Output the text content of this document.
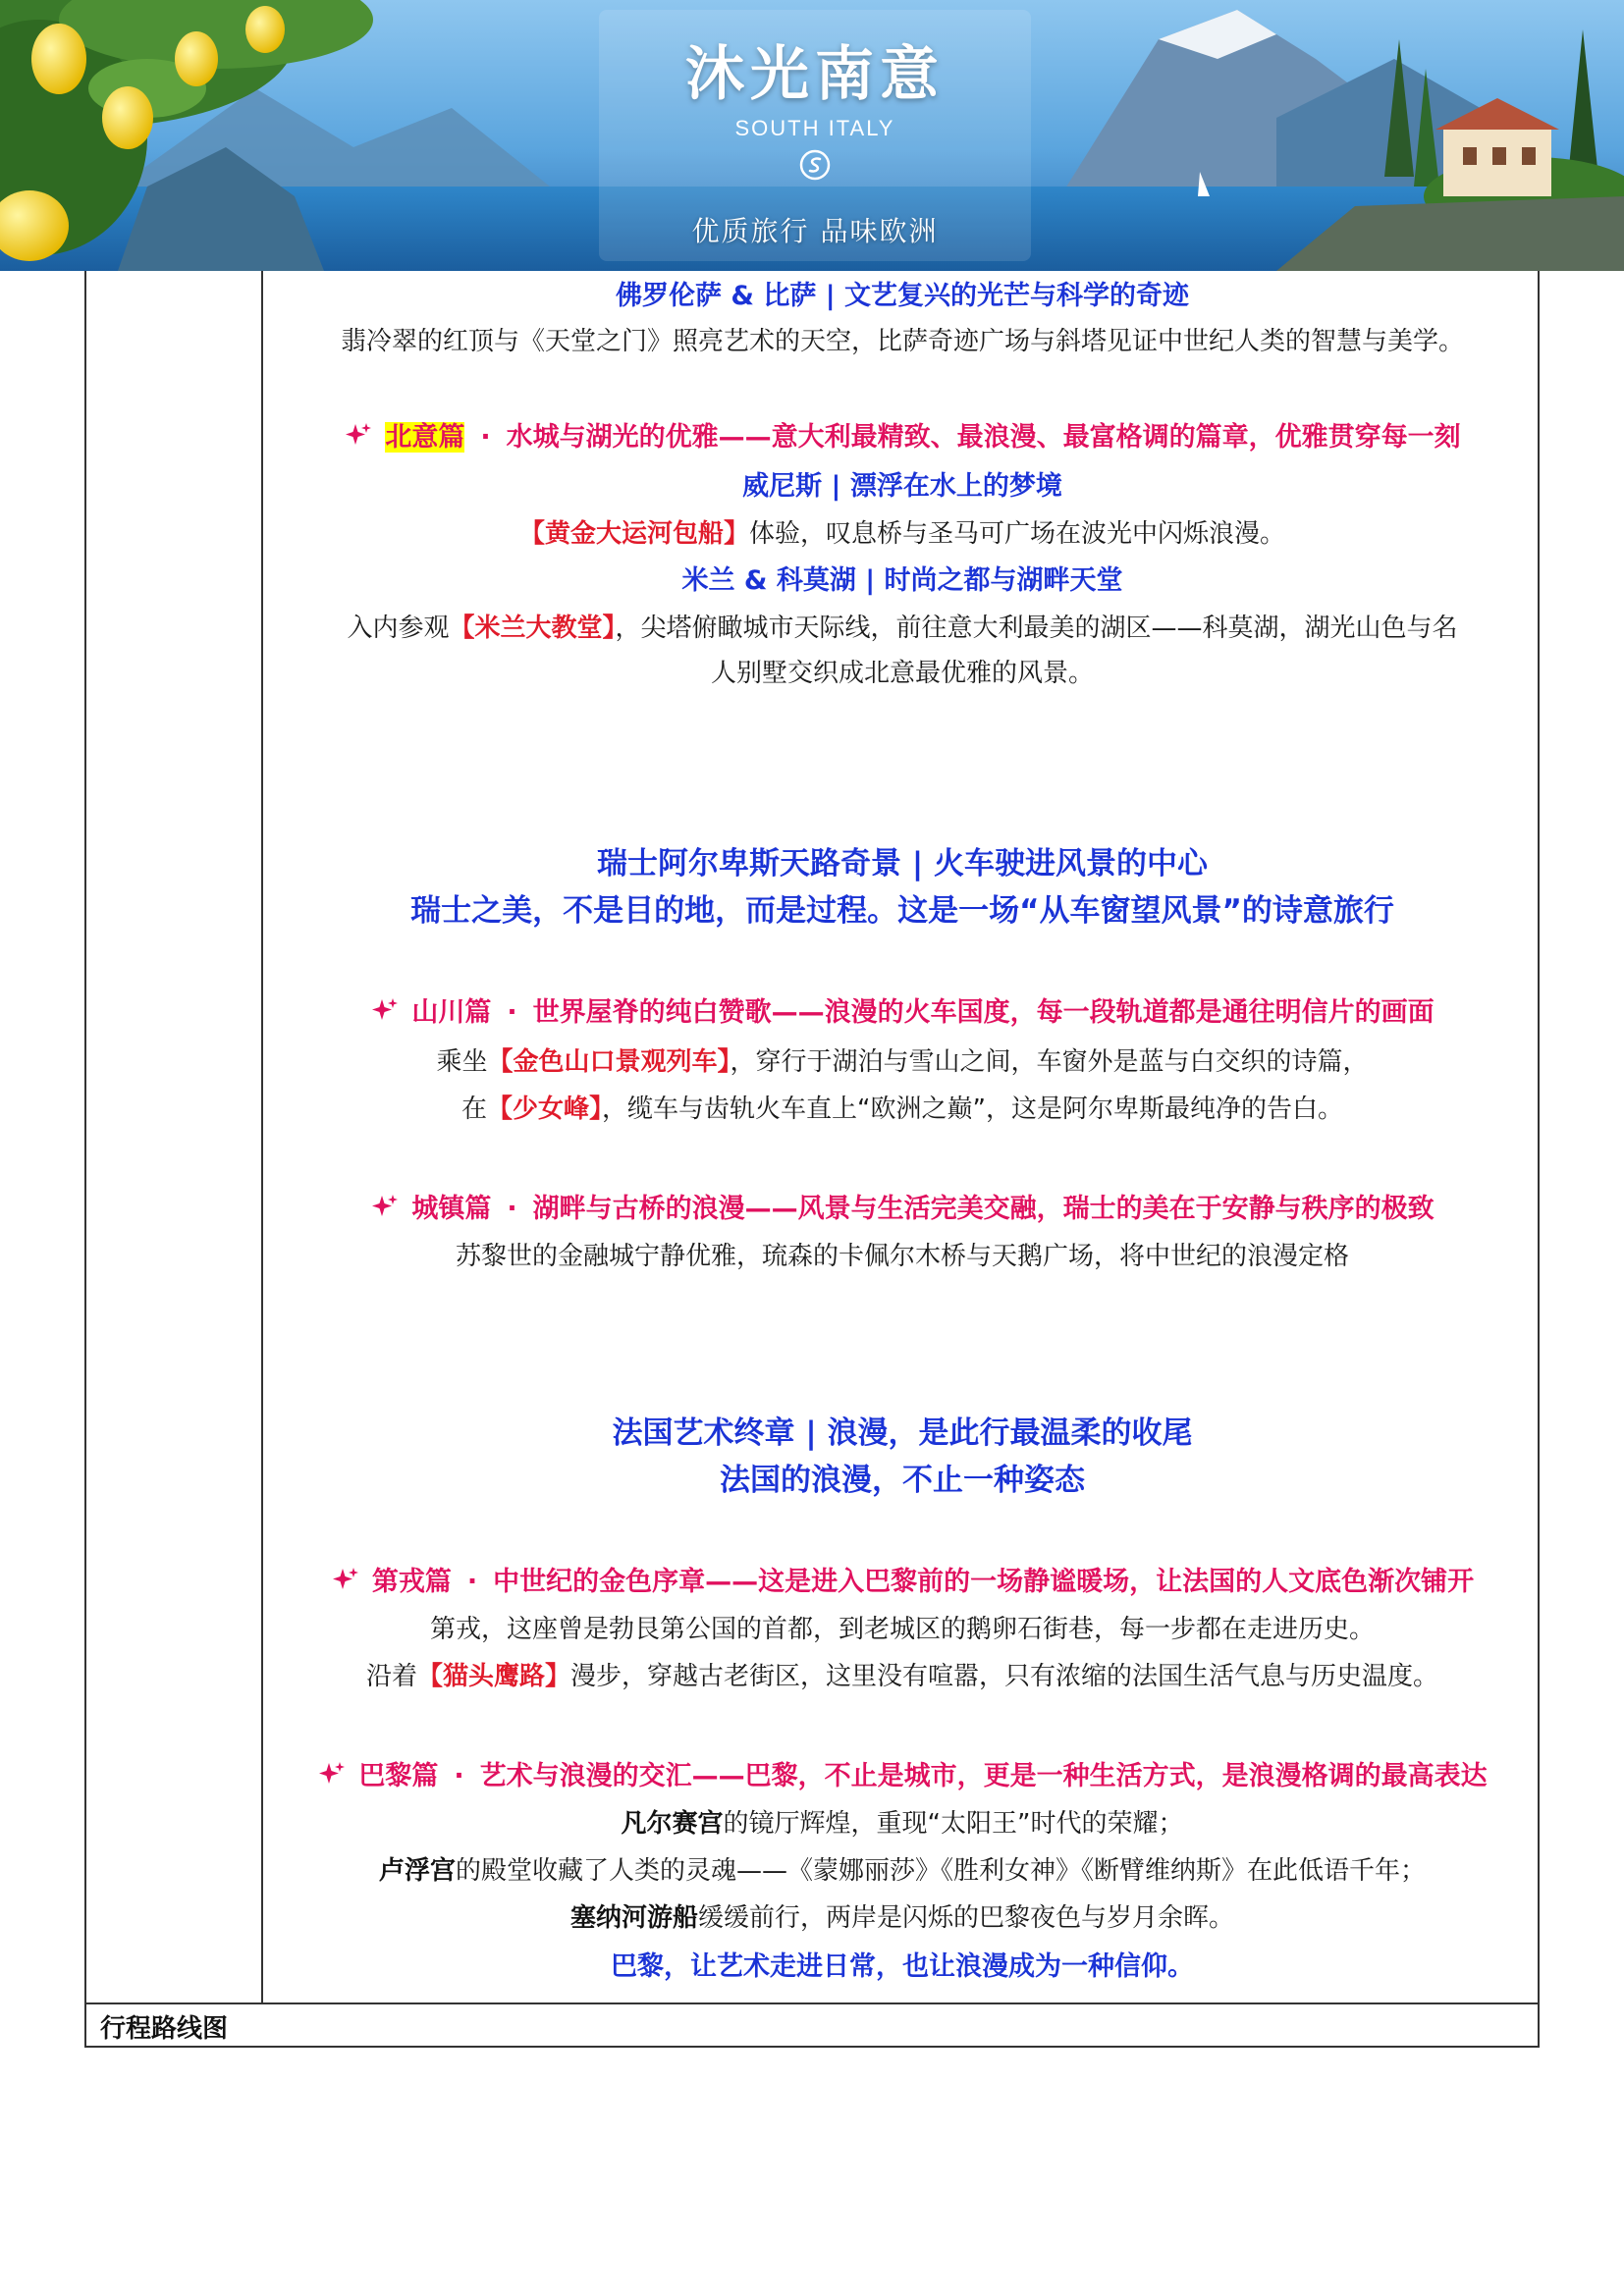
沐光南意
SOUTH ITALY
优质旅行 品味欧洲
行程路线图
佛罗伦萨 & 比萨 | 文艺复兴的光芒与科学的奇迹
翡冷翠的红顶与《天堂之门》照亮艺术的天空，比萨奇迹广场与斜塔见证中世纪人类的智慧与美学。
北意篇 · 水城与湖光的优雅——意大利最精致、最浪漫、最富格调的篇章，优雅贯穿每一刻
威尼斯 | 漂浮在水上的梦境
【黄金大运河包船】体验，叹息桥与圣马可广场在波光中闪烁浪漫。
米兰 & 科莫湖 | 时尚之都与湖畔天堂
入内参观【米兰大教堂】，尖塔俯瞰城市天际线，前往意大利最美的湖区——科莫湖，湖光山色与名
人别墅交织成北意最优雅的风景。
瑞士阿尔卑斯天路奇景 | 火车驶进风景的中心
瑞士之美，不是目的地，而是过程。这是一场“从车窗望风景”的诗意旅行
山川篇 · 世界屋脊的纯白赞歌——浪漫的火车国度，每一段轨道都是通往明信片的画面
乘坐【金色山口景观列车】，穿行于湖泊与雪山之间，车窗外是蓝与白交织的诗篇，
在【少女峰】，缆车与齿轨火车直上“欧洲之巅”，这是阿尔卑斯最纯净的告白。
城镇篇 · 湖畔与古桥的浪漫——风景与生活完美交融，瑞士的美在于安静与秩序的极致
苏黎世的金融城宁静优雅，琉森的卡佩尔木桥与天鹅广场，将中世纪的浪漫定格
法国艺术终章 | 浪漫，是此行最温柔的收尾
法国的浪漫，不止一种姿态
第戎篇 · 中世纪的金色序章——这是进入巴黎前的一场静谧暖场，让法国的人文底色渐次铺开
第戎，这座曾是勃艮第公国的首都，到老城区的鹅卵石街巷，每一步都在走进历史。
沿着【猫头鹰路】漫步，穿越古老街区，这里没有喧嚣，只有浓缩的法国生活气息与历史温度。
巴黎篇 · 艺术与浪漫的交汇——巴黎，不止是城市，更是一种生活方式，是浪漫格调的最高表达
凡尔赛宫的镜厅辉煌，重现“太阳王”时代的荣耀；
卢浮宫的殿堂收藏了人类的灵魂——《蒙娜丽莎》《胜利女神》《断臂维纳斯》在此低语千年；
塞纳河游船缓缓前行，两岸是闪烁的巴黎夜色与岁月余晖。
巴黎，让艺术走进日常，也让浪漫成为一种信仰。
